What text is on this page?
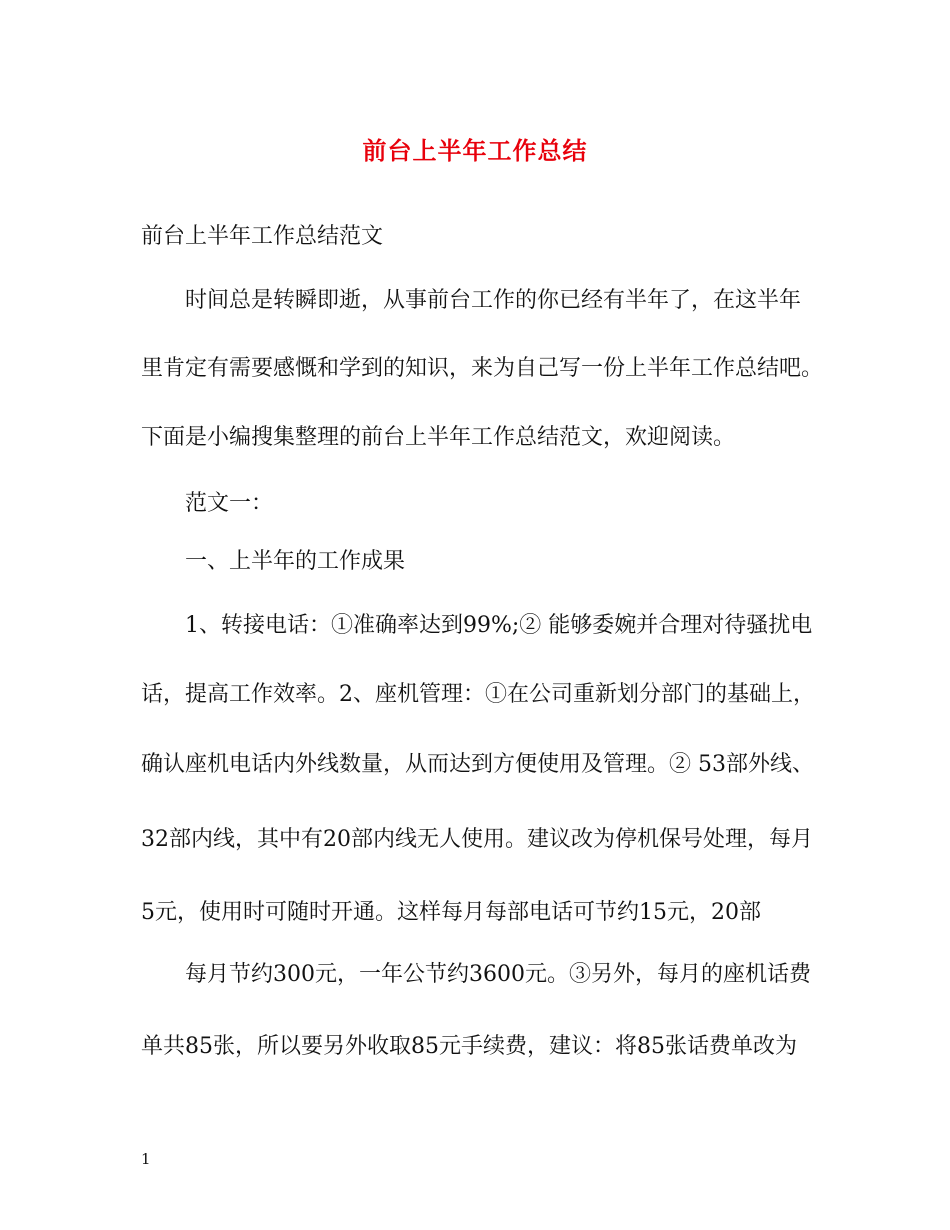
前台上半年工作总结
前台上半年工作总结范文
时间总是转瞬即逝，从事前台工作的你已经有半年了，在这半年
里肯定有需要感慨和学到的知识，来为自己写一份上半年工作总结吧。
下面是小编搜集整理的前台上半年工作总结范文，欢迎阅读。
范文一：
一、上半年的工作成果
1、转接电话：①准确率达到99%;② 能够委婉并合理对待骚扰电
话，提高工作效率。2、座机管理：①在公司重新划分部门的基础上，
确认座机电话内外线数量，从而达到方便使用及管理。② 53部外线、
32部内线，其中有20部内线无人使用。建议改为停机保号处理，每月
5元，使用时可随时开通。这样每月每部电话可节约15元，20部
每月节约300元，一年公节约3600元。③另外，每月的座机话费
单共85张，所以要另外收取85元手续费，建议：将85张话费单改为
1
